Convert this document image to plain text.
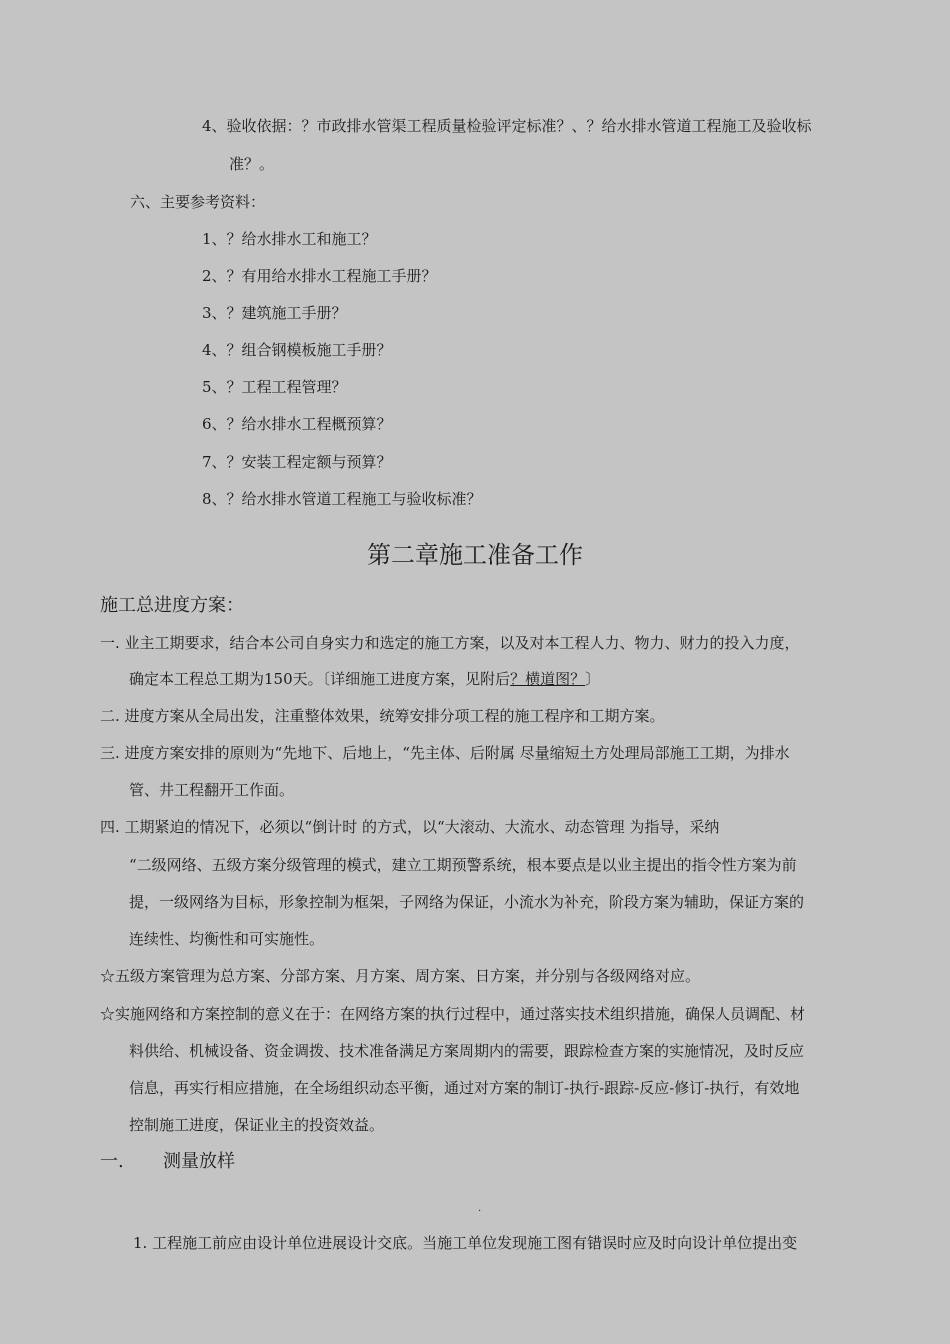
4、验收依据：？市政排水管渠工程质量检验评定标准？、？给水排水管道工程施工及验收标
准？。
六、主要参考资料：
1、？给水排水工和施工？
2、？有用给水排水工程施工手册？
3、？建筑施工手册？
4、？组合钢模板施工手册？
5、？工程工程管理？
6、？给水排水工程概预算？
7、？安装工程定额与预算？
8、？给水排水管道工程施工与验收标准？
第二章施工准备工作
施工总进度方案：
一. 业主工期要求，结合本公司自身实力和选定的施工方案，以及对本工程人力、物力、财力的投入力度，
确定本工程总工期为150天。〔详细施工进度方案，见附后？横道图？〕
二. 进度方案从全局出发，注重整体效果，统筹安排分项工程的施工程序和工期方案。
三. 进度方案安排的原则为“先地下、后地上，“先主体、后附属 尽量缩短土方处理局部施工工期，为排水
管、井工程翻开工作面。
四. 工期紧迫的情况下，必须以“倒计时 的方式，以“大滚动、大流水、动态管理 为指导，采纳
“二级网络、五级方案分级管理的模式，建立工期预警系统，根本要点是以业主提出的指令性方案为前
提，一级网络为目标，形象控制为框架，子网络为保证，小流水为补充，阶段方案为辅助，保证方案的
连续性、均衡性和可实施性。
☆五级方案管理为总方案、分部方案、月方案、周方案、日方案，并分别与各级网络对应。
☆实施网络和方案控制的意义在于：在网络方案的执行过程中，通过落实技术组织措施，确保人员调配、材
料供给、机械设备、资金调拨、技术准备满足方案周期内的需要，跟踪检查方案的实施情况，及时反应
信息，再实行相应措施，在全场组织动态平衡，通过对方案的制订-执行-跟踪-反应-修订-执行，有效地
控制施工进度，保证业主的投资效益。
一. 测量放样
.
1. 工程施工前应由设计单位进展设计交底。当施工单位发现施工图有错误时应及时向设计单位提出变
